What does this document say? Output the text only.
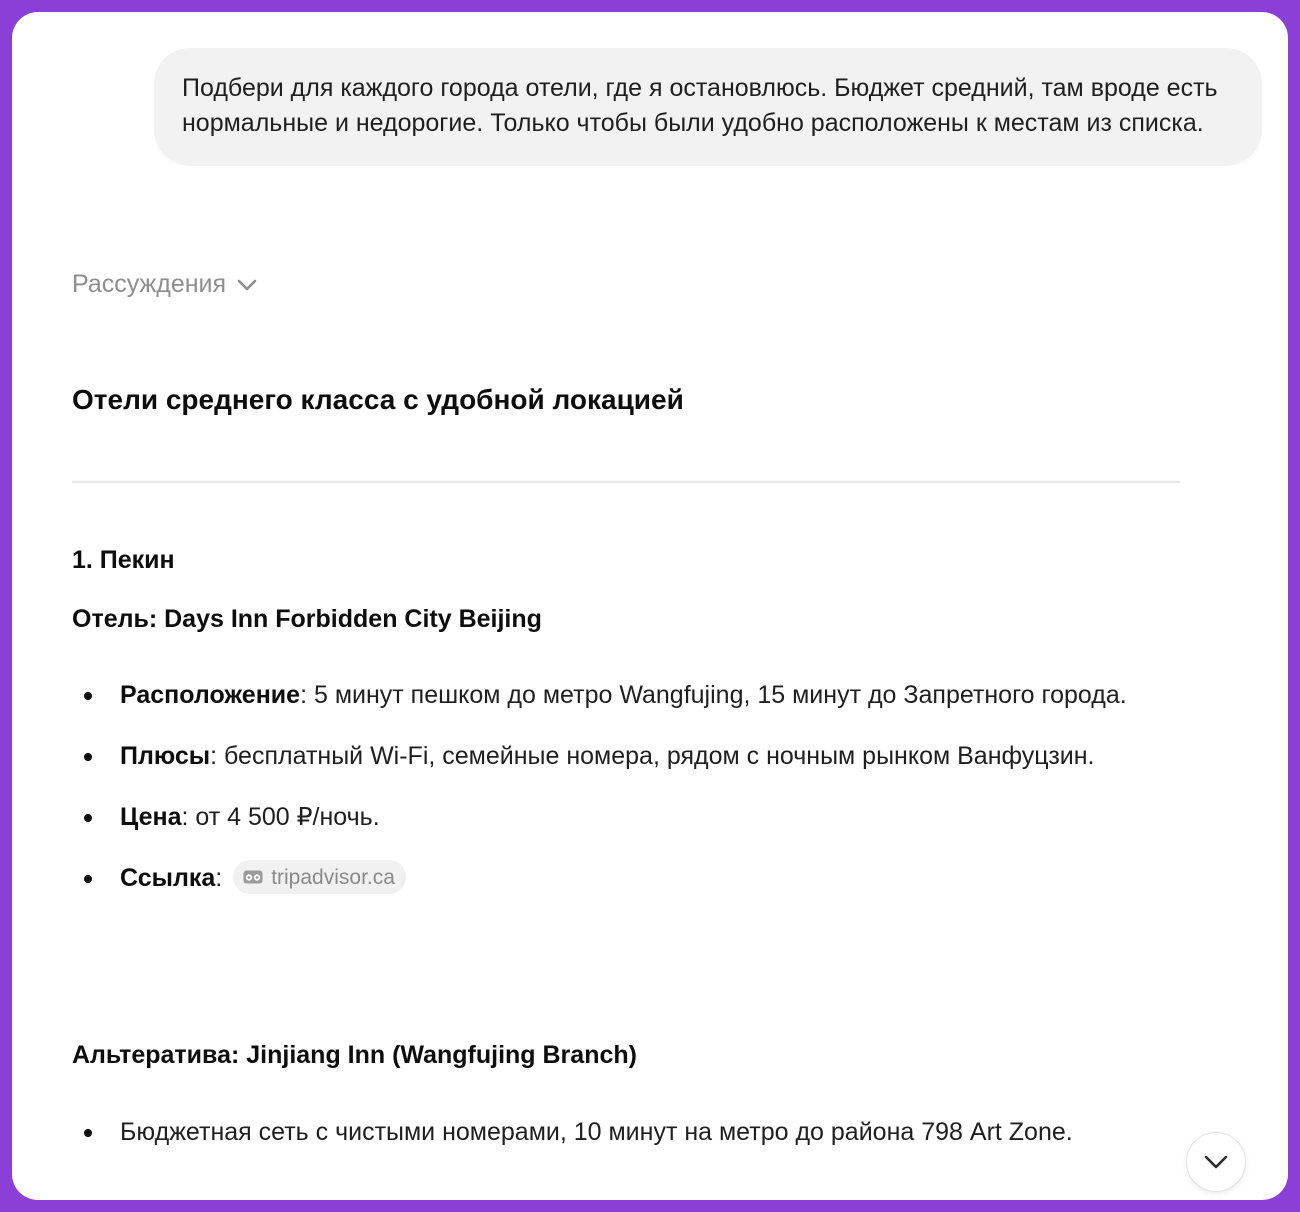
Подбери для каждого города отели, где я остановлюсь. Бюджет средний, там вроде есть нормальные и недорогие. Только чтобы были удобно расположены к местам из списка.
Рассуждения
Отели среднего класса с удобной локацией
1. Пекин
Отель: Days Inn Forbidden City Beijing
Расположение: 5 минут пешком до метро Wangfujing, 15 минут до Запретного города.
Плюсы: бесплатный Wi-Fi, семейные номера, рядом с ночным рынком Ванфуцзин.
Цена: от 4 500 ₽/ночь.
Ссылка: tripadvisor.ca
Альтератива: Jinjiang Inn (Wangfujing Branch)
Бюджетная сеть с чистыми номерами, 10 минут на метро до района 798 Art Zone.
